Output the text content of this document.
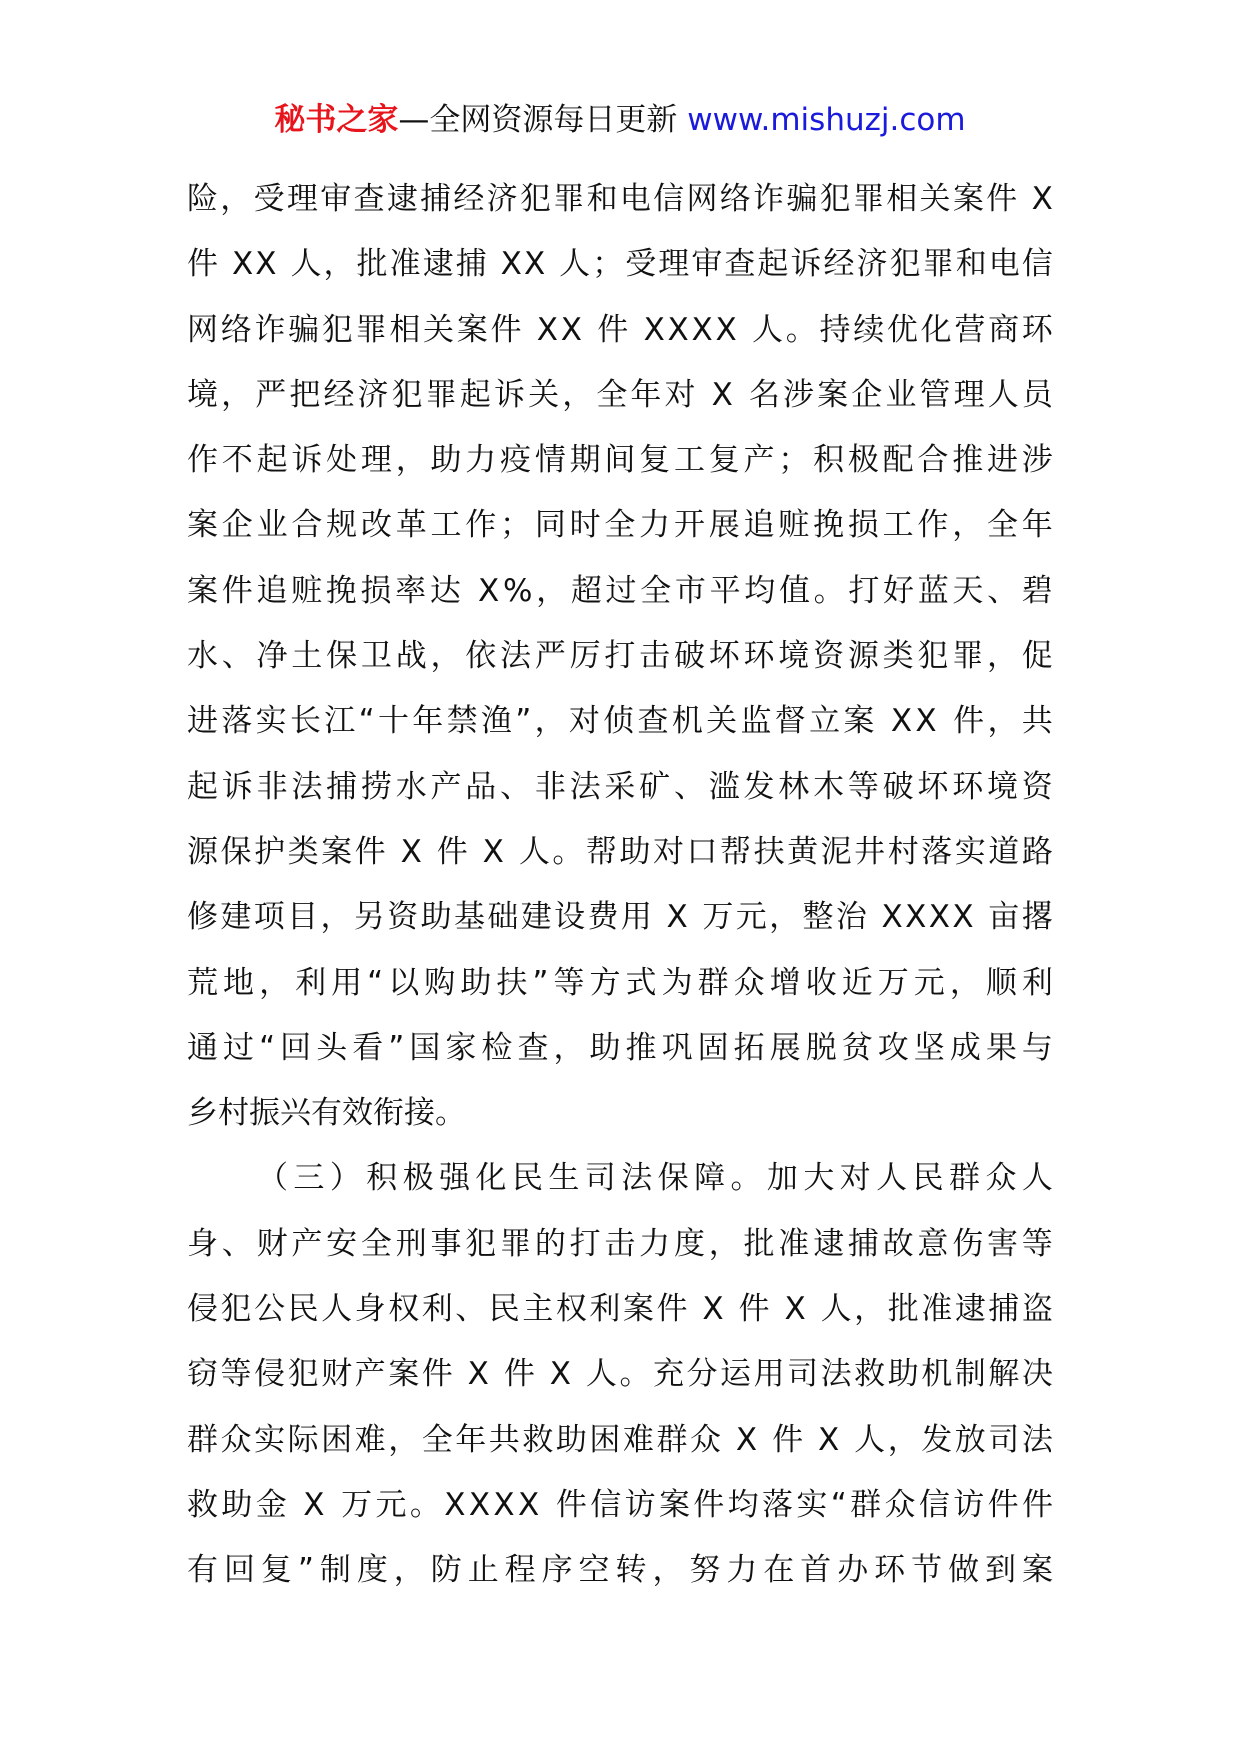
秘书之家—全网资源每日更新 www.mishuzj.com
险 ， 受 理 审 查 逮 捕 经 济 犯 罪 和 电 信 网 络 诈 骗 犯 罪 相 关 案 件
X
件
X X
人 ， 批 准 逮 捕
X X
人 ； 受 理 审 查 起 诉 经 济 犯 罪 和 电 信
网 络 诈 骗 犯 罪 相 关 案 件
X X
件
X X X X
人 。 持 续 优 化 营 商 环
境 ， 严 把 经 济 犯 罪 起 诉 关 ， 全 年 对
X
名 涉 案 企 业 管 理 人 员
作 不 起 诉 处 理 ， 助 力 疫 情 期 间 复 工 复 产 ； 积 极 配 合 推 进 涉
案 企 业 合 规 改 革 工 作 ； 同 时 全 力 开 展 追 赃 挽 损 工 作 ， 全 年
案 件 追 赃 挽 损 率 达
X % ， 超 过 全 市 平 均 值 。 打 好 蓝 天 、 碧
水 、 净 土 保 卫 战 ， 依 法 严 厉 打 击 破 坏 环 境 资 源 类 犯 罪 ， 促
进 落 实 长 江 “ 十 年 禁 渔 ” ， 对 侦 查 机 关 监 督 立 案
X X
件 ， 共
起 诉 非 法 捕 捞 水 产 品 、 非 法 采 矿 、 滥 发 林 木 等 破 坏 环 境 资
源 保 护 类 案 件
X
件
X
人 。 帮 助 对 口 帮 扶 黄 泥 井 村 落 实 道 路
修 建 项 目 ， 另 资 助 基 础 建 设 费 用
X
万 元 ， 整 治
X X X X
亩 撂
荒 地 ， 利 用 “ 以 购 助 扶 ” 等 方 式 为 群 众 增 收 近 万 元 ， 顺 利
通 过 “ 回 头 看 ” 国 家 检 查 ， 助 推 巩 固 拓 展 脱 贫 攻 坚 成 果 与
乡村振兴有效衔接。
（ 三 ） 积 极 强 化 民 生 司 法 保 障 。 加 大 对 人 民 群 众 人
身 、 财 产 安 全 刑 事 犯 罪 的 打 击 力 度 ， 批 准 逮 捕 故 意 伤 害 等
侵 犯 公 民 人 身 权 利 、 民 主 权 利 案 件
X
件
X
人 ， 批 准 逮 捕 盗
窃 等 侵 犯 财 产 案 件
X
件
X
人 。 充 分 运 用 司 法 救 助 机 制 解 决
群 众 实 际 困 难 ， 全 年 共 救 助 困 难 群 众
X
件
X
人 ， 发 放 司 法
救 助 金
X
万 元 。 X X X X
件 信 访 案 件 均 落 实 “ 群 众 信 访 件 件
有 回 复 ” 制 度 ， 防 止 程 序 空 转 ， 努 力 在 首 办 环 节 做 到 案
